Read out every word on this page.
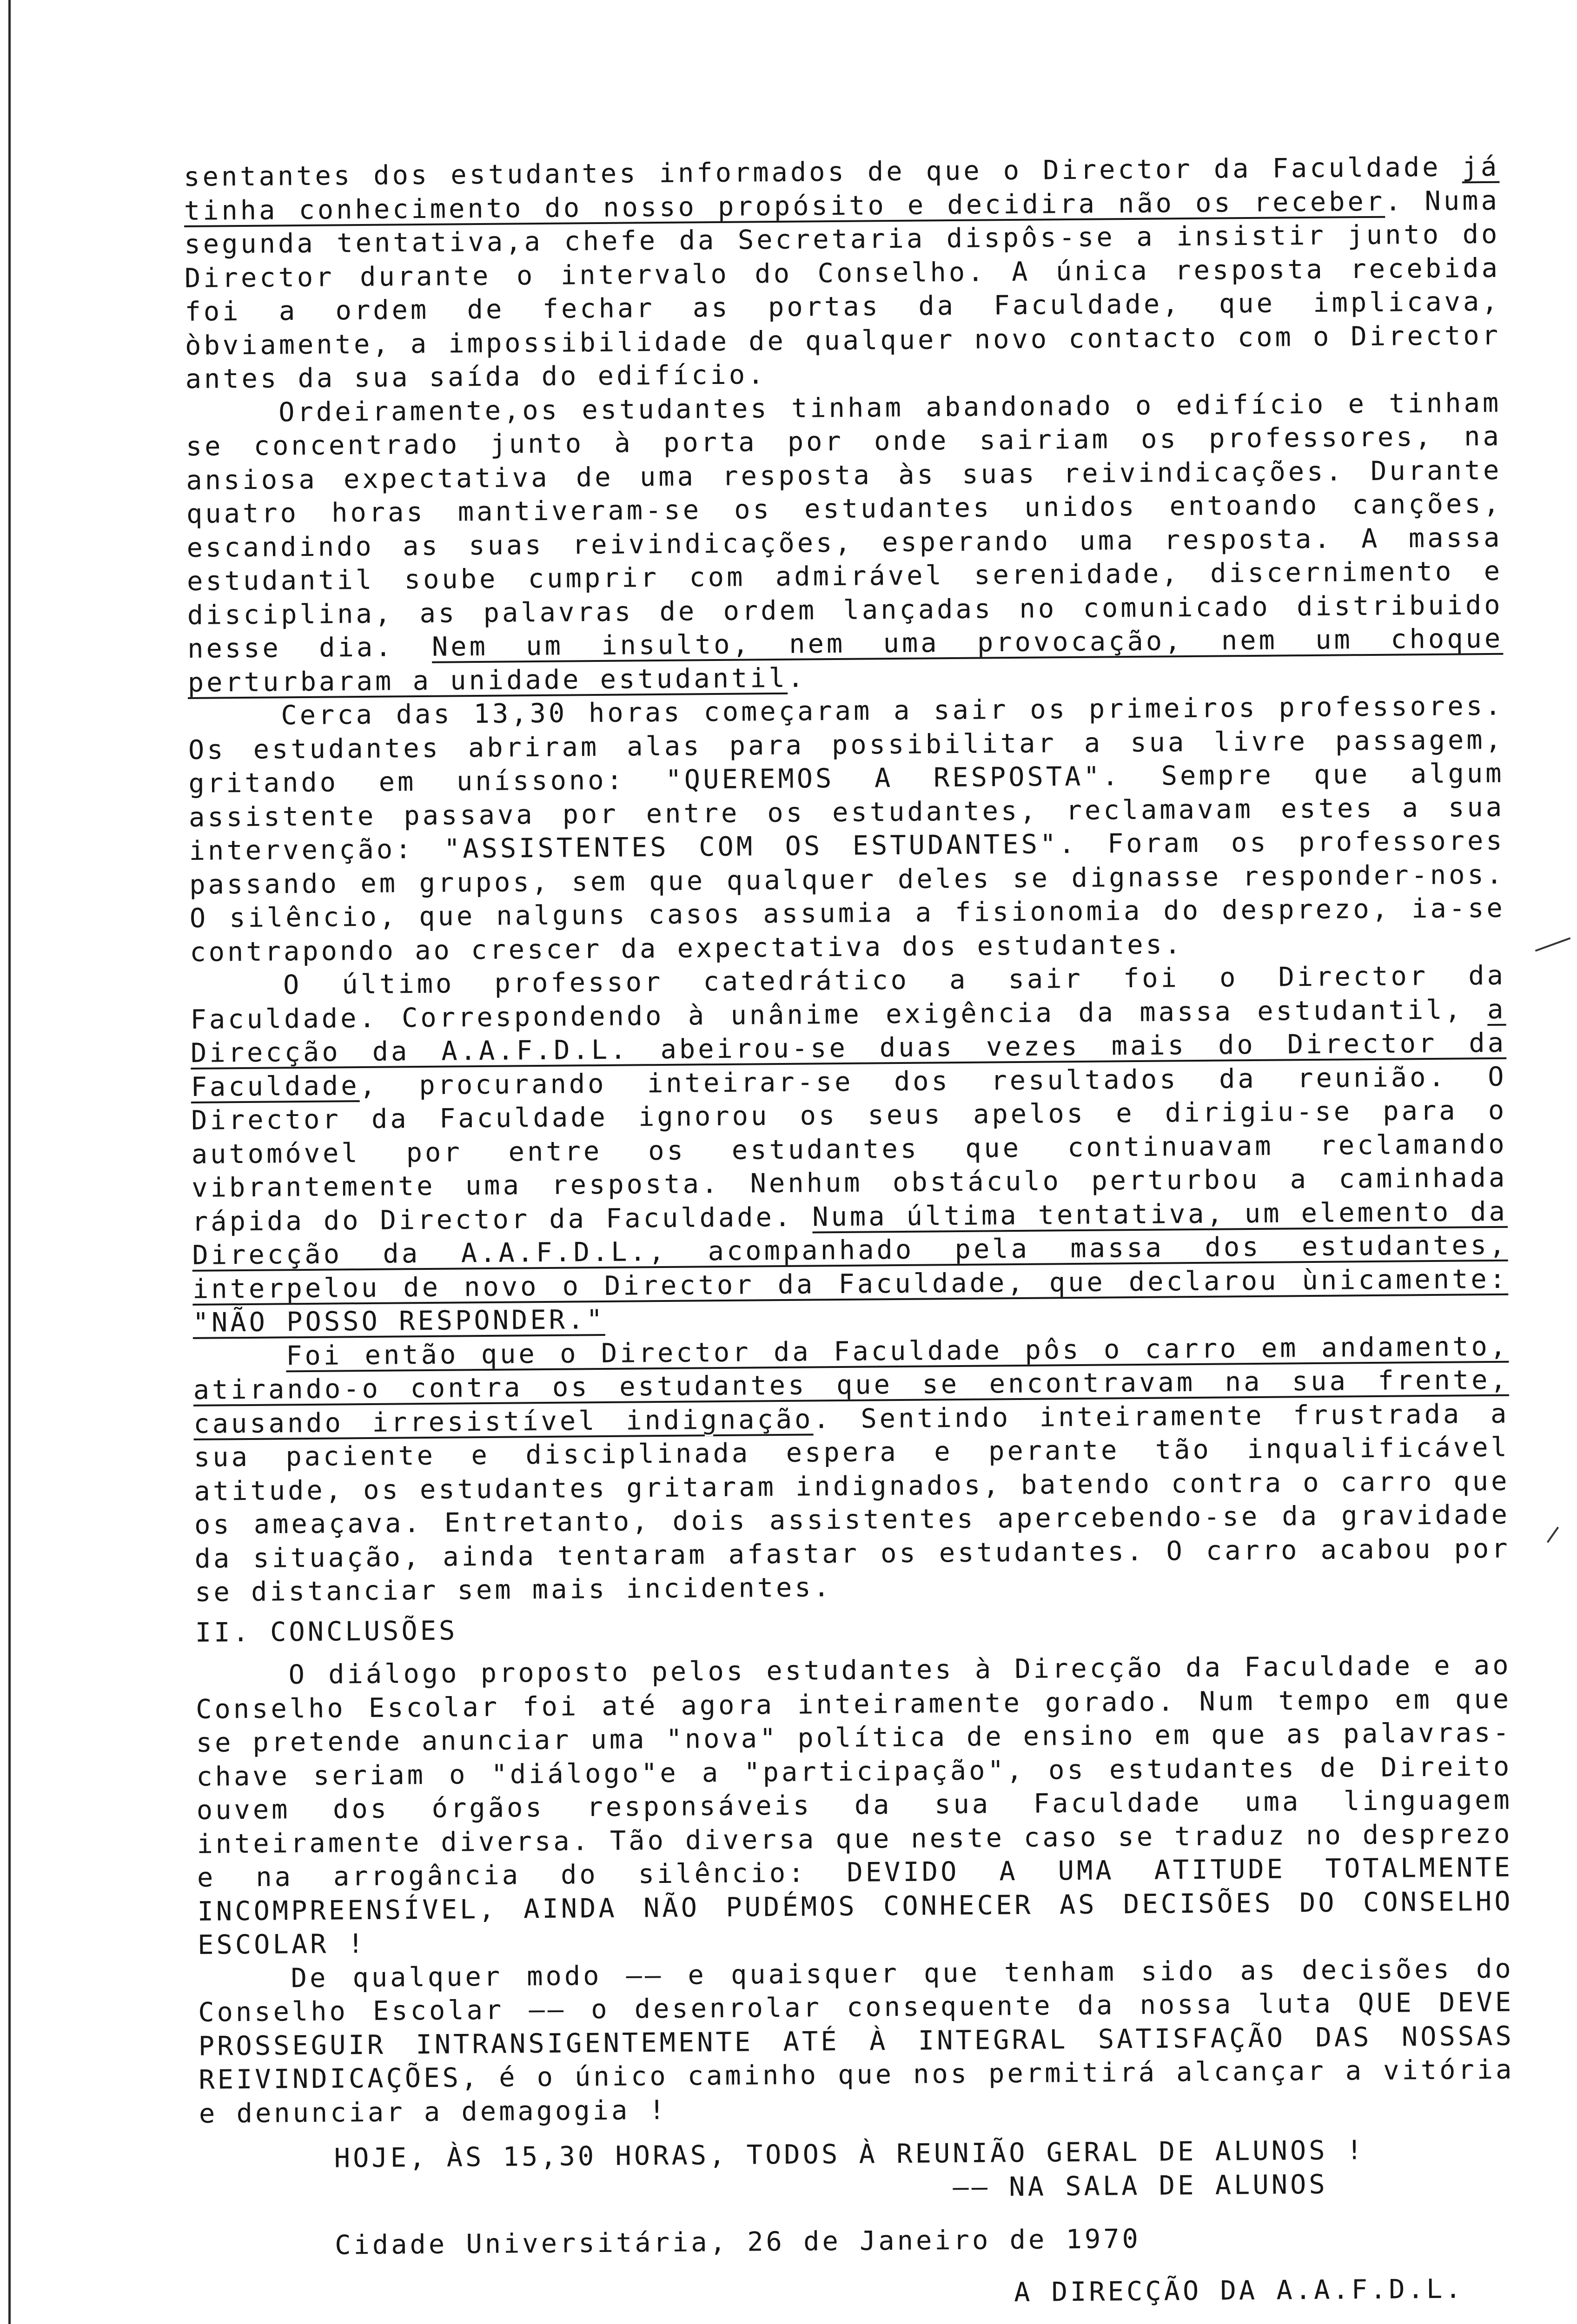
sentantes dos estudantes informados de que o Director da Faculdade já tinha conhecimento do nosso propósito e decidira não os receber. Numa segunda tentativa,a chefe da Secretaria dispôs-se a insistir junto do Director durante o intervalo do Conselho. A única resposta recebida foi a ordem de fechar as portas da Faculdade, que implicava, òbviamente, a impossibilidade de qualquer novo contacto com o Director antes da sua saída do edifício.

Ordeiramente,os estudantes tinham abandonado o edifício e tinham se concentrado junto à porta por onde sairiam os professores, na ansiosa expectativa de uma resposta às suas reivindicações. Durante quatro horas mantiveram-se os estudantes unidos entoando canções, escandindo as suas reivindicações, esperando uma resposta. A massa estudantil soube cumprir com admirável serenidade, discernimento e disciplina, as palavras de ordem lançadas no comunicado distribuido nesse dia. Nem um insulto, nem uma provocação, nem um choque perturbaram a unidade estudantil.

Cerca das 13,30 horas começaram a sair os primeiros professores. Os estudantes abriram alas para possibilitar a sua livre passagem, gritando em uníssono: "QUEREMOS A RESPOSTA". Sempre que algum assistente passava por entre os estudantes, reclamavam estes a sua intervenção: "ASSISTENTES COM OS ESTUDANTES". Foram os professores passando em grupos, sem que qualquer deles se dignasse responder-nos. O silêncio, que nalguns casos assumia a fisionomia do desprezo, ia-se contrapondo ao crescer da expectativa dos estudantes.

O último professor catedrático a sair foi o Director da Faculdade. Correspondendo à unânime exigência da massa estudantil, a Direcção da A.A.F.D.L. abeirou-se duas vezes mais do Director da Faculdade, procurando inteirar-se dos resultados da reunião. O Director da Faculdade ignorou os seus apelos e dirigiu-se para o automóvel por entre os estudantes que continuavam reclamando vibrantemente uma resposta. Nenhum obstáculo perturbou a caminhada rápida do Director da Faculdade. Numa última tentativa, um elemento da Direcção da A.A.F.D.L., acompanhado pela massa dos estudantes, interpelou de novo o Director da Faculdade, que declarou ùnicamente: "NÃO POSSO RESPONDER."

Foi então que o Director da Faculdade pôs o carro em andamento, atirando-o contra os estudantes que se encontravam na sua frente, causando irresistível indignação. Sentindo inteiramente frustrada a sua paciente e disciplinada espera e perante tão inqualificável atitude, os estudantes gritaram indignados, batendo contra o carro que os ameaçava. Entretanto, dois assistentes apercebendo-se da gravidade da situação, ainda tentaram afastar os estudantes. O carro acabou por se distanciar sem mais incidentes.

II. CONCLUSÕES

O diálogo proposto pelos estudantes à Direcção da Faculdade e ao Conselho Escolar foi até agora inteiramente gorado. Num tempo em que se pretende anunciar uma "nova" política de ensino em que as palavras-chave seriam o "diálogo"e a "participação", os estudantes de Direito ouvem dos órgãos responsáveis da sua Faculdade uma linguagem inteiramente diversa. Tão diversa que neste caso se traduz no desprezo e na arrogância do silêncio: DEVIDO A UMA ATITUDE TOTALMENTE INCOMPREENSÍVEL, AINDA NÃO PUDÉMOS CONHECER AS DECISÕES DO CONSELHO ESCOLAR !

De qualquer modo —— e quaisquer que tenham sido as decisões do Conselho Escolar —— o desenrolar consequente da nossa luta QUE DEVE PROSSEGUIR INTRANSIGENTEMENTE ATÉ À INTEGRAL SATISFAÇÃO DAS NOSSAS REIVINDICAÇÕES, é o único caminho que nos permitirá alcançar a vitória e denunciar a demagogia !

HOJE, ÀS 15,30 HORAS, TODOS À REUNIÃO GERAL DE ALUNOS !

—— NA SALA DE ALUNOS

Cidade Universitária, 26 de Janeiro de 1970

A DIRECÇÃO DA A.A.F.D.L.
